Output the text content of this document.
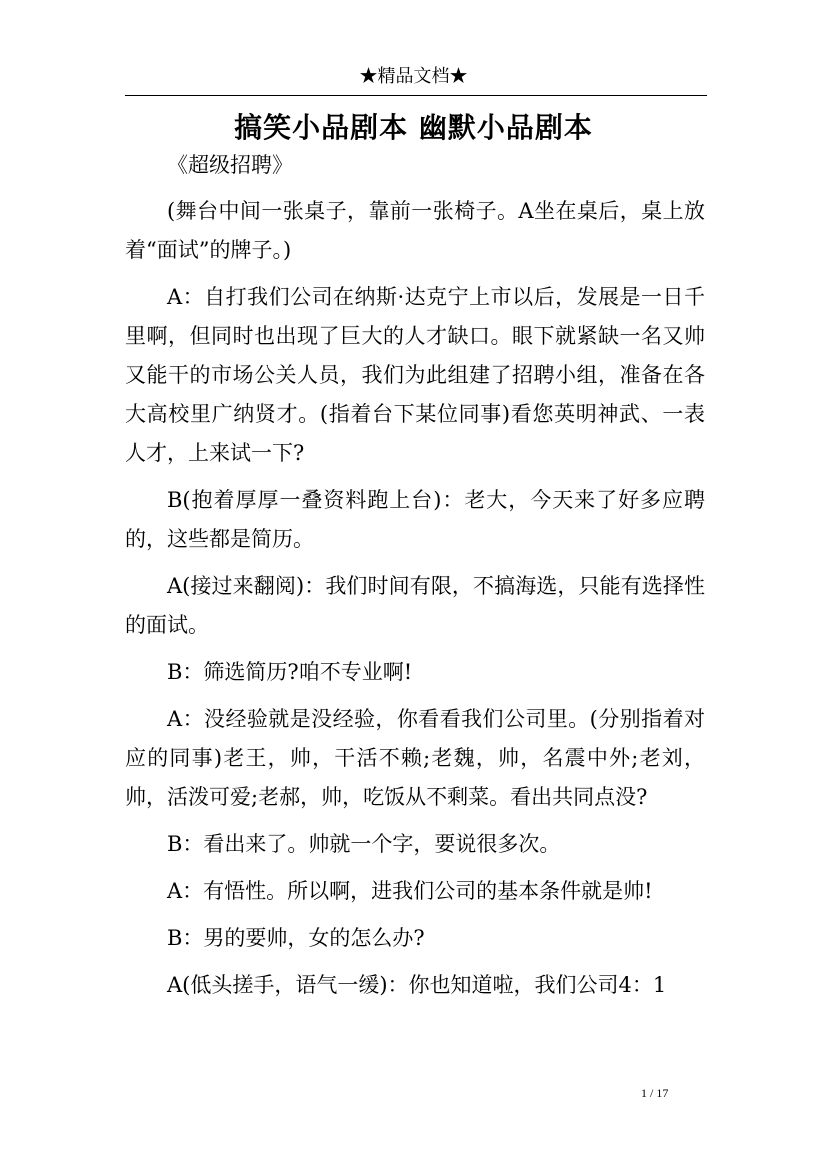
★精品文档★
搞笑小品剧本 幽默小品剧本

《超级招聘》

(舞台中间一张桌子，靠前一张椅子。A坐在桌后，桌上放着“面试”的牌子。)

A：自打我们公司在纳斯·达克宁上市以后，发展是一日千里啊，但同时也出现了巨大的人才缺口。眼下就紧缺一名又帅又能干的市场公关人员，我们为此组建了招聘小组，准备在各大高校里广纳贤才。(指着台下某位同事)看您英明神武、一表人才，上来试一下?

B(抱着厚厚一叠资料跑上台)：老大，今天来了好多应聘的，这些都是简历。

A(接过来翻阅)：我们时间有限，不搞海选，只能有选择性的面试。

B：筛选简历?咱不专业啊!

A：没经验就是没经验，你看看我们公司里。(分别指着对应的同事)老王，帅，干活不赖;老魏，帅，名震中外;老刘，帅，活泼可爱;老郝，帅，吃饭从不剩菜。看出共同点没?

B：看出来了。帅就一个字，要说很多次。

A：有悟性。所以啊，进我们公司的基本条件就是帅!

B：男的要帅，女的怎么办?

A(低头搓手，语气一缓)：你也知道啦，我们公司4：1

1 / 17
